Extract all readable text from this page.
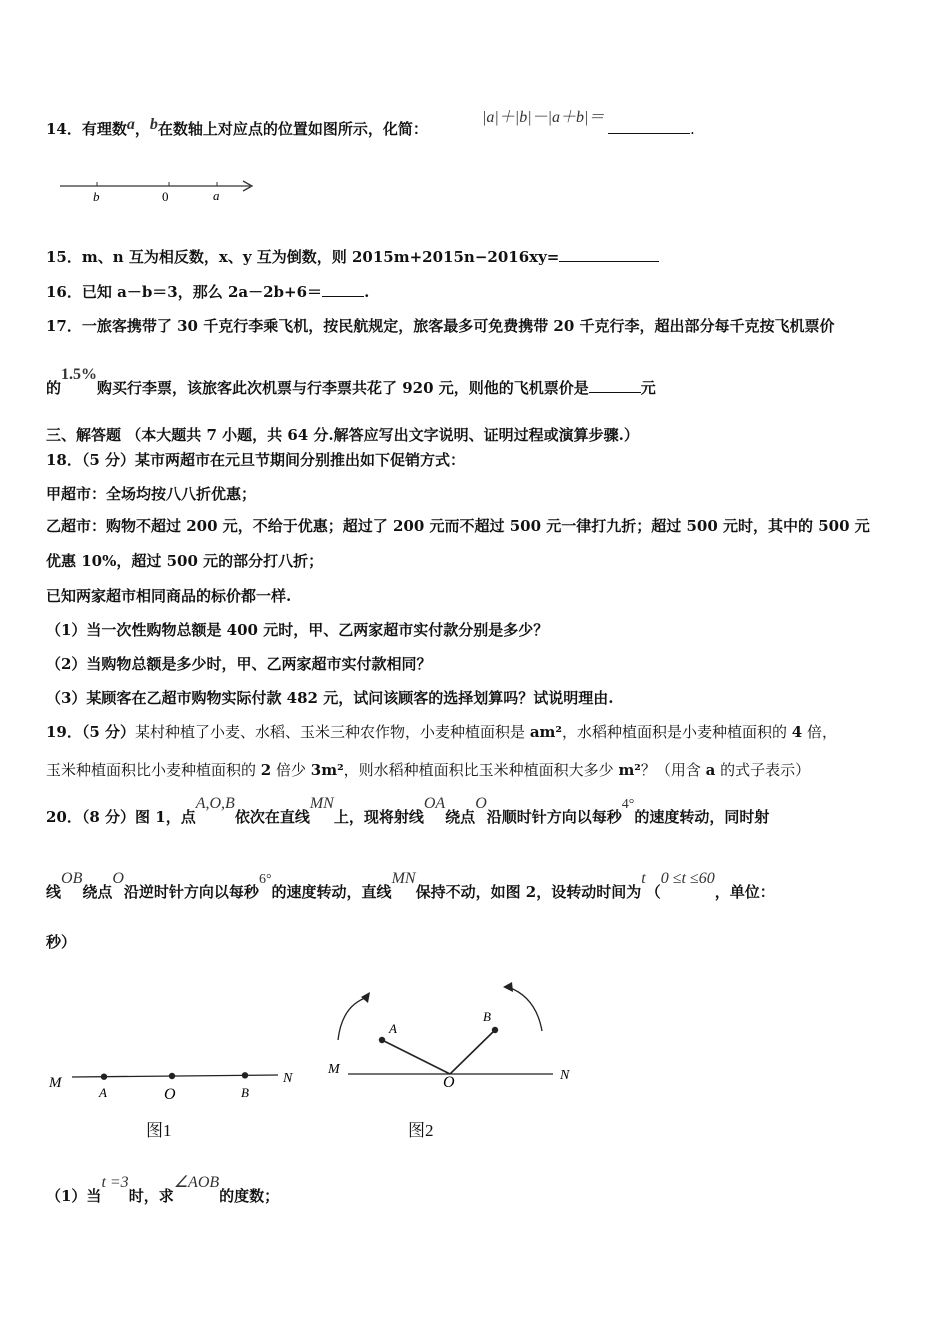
14．有理数a，b在数轴上对应点的位置如图所示，化简：
|a|＋|b|－|a＋b|＝
.
b	0	a
15．m、n 互为相反数，x、y 互为倒数，则 2015m+2015n−2016xy=
16．已知 a－b＝3，那么 2a－2b+6＝	.
17．一旅客携带了 30 千克行李乘飞机，按民航规定，旅客最多可免费携带 20 千克行李，超出部分每千克按飞机票价
的1.5%购买行李票，该旅客此次机票与行李票共花了 920 元，则他的飞机票价是	元
三、解答题 （本大题共 7 小题，共 64 分.解答应写出文字说明、证明过程或演算步骤.）
18．（5 分）某市两超市在元旦节期间分别推出如下促销方式：
甲超市：全场均按八八折优惠；
乙超市：购物不超过 200 元，不给于优惠；超过了 200 元而不超过 500 元一律打九折；超过 500 元时，其中的 500 元
优惠 10%，超过 500 元的部分打八折；
已知两家超市相同商品的标价都一样.
（1）当一次性购物总额是 400 元时，甲、乙两家超市实付款分别是多少？
（2）当购物总额是多少时，甲、乙两家超市实付款相同？
（3）某顾客在乙超市购物实际付款 482 元，试问该顾客的选择划算吗？试说明理由.
19．（5 分）某村种植了小麦、水稻、玉米三种农作物，小麦种植面积是 am²，水稻种植面积是小麦种植面积的 4 倍，
玉米种植面积比小麦种植面积的 2 倍少 3m²，则水稻种植面积比玉米种植面积大多少 m²？（用含 a 的式子表示）
20．（8 分）图 1，点A,O,B依次在直线MN上，现将射线OA绕点O沿顺时针方向以每秒4°的速度转动，同时射
线OB绕点O沿逆时针方向以每秒6°的速度转动，直线MN保持不动，如图 2，设转动时间为t（0 ≤t ≤60，单位：
秒）
M
A	O	B
N
图1
M
O	N
A
B
图2
（1）当t =3时，求∠AOB的度数；
